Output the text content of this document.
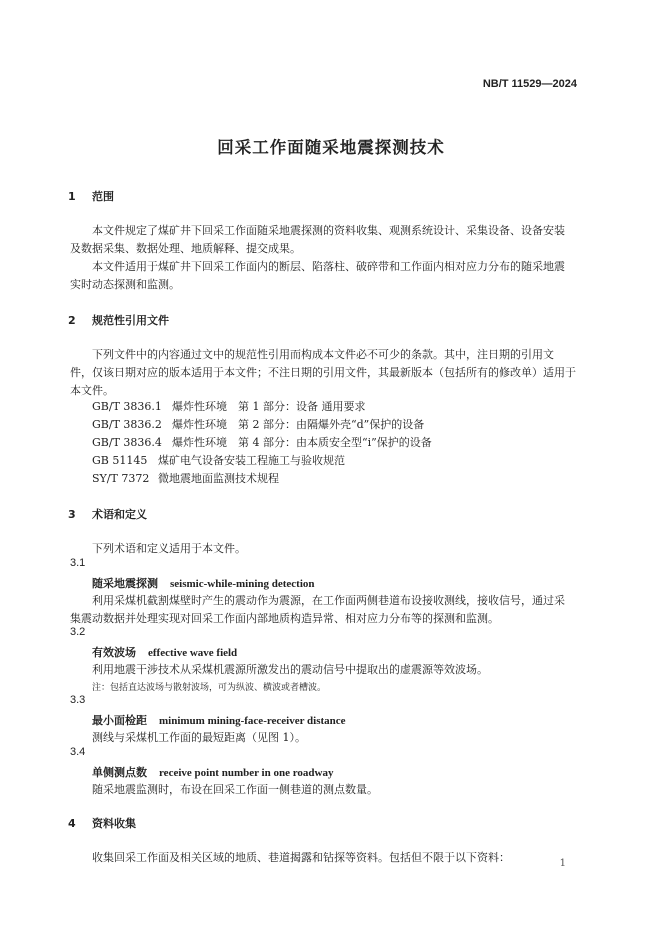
NB/T 11529—2024
回采工作面随采地震探测技术
1 范围
本文件规定了煤矿井下回采工作面随采地震探测的资料收集、观测系统设计、采集设备、设备安装
及数据采集、数据处理、地质解释、提交成果。
本文件适用于煤矿井下回采工作面内的断层、陷落柱、破碎带和工作面内相对应力分布的随采地震
实时动态探测和监测。
2 规范性引用文件
下列文件中的内容通过文中的规范性引用而构成本文件必不可少的条款。其中，注日期的引用文
件，仅该日期对应的版本适用于本文件；不注日期的引用文件，其最新版本（包括所有的修改单）适用于
本文件。
GB/T 3836.1 爆炸性环境　第 1 部分：设备 通用要求
GB/T 3836.2 爆炸性环境　第 2 部分：由隔爆外壳“d”保护的设备
GB/T 3836.4 爆炸性环境　第 4 部分：由本质安全型“i”保护的设备
GB 51145 煤矿电气设备安装工程施工与验收规范
SY/T 7372 微地震地面监测技术规程
3 术语和定义
下列术语和定义适用于本文件。
3.1
随采地震探测 seismic-while-mining detection
利用采煤机截割煤壁时产生的震动作为震源，在工作面两侧巷道布设接收测线，接收信号，通过采
集震动数据并处理实现对回采工作面内部地质构造异常、相对应力分布等的探测和监测。
3.2
有效波场 effective wave field
利用地震干涉技术从采煤机震源所激发出的震动信号中提取出的虚震源等效波场。
注：包括直达波场与散射波场，可为纵波、横波或者槽波。
3.3
最小面检距 minimum mining-face-receiver distance
测线与采煤机工作面的最短距离（见图 1）。
3.4
单侧测点数 receive point number in one roadway
随采地震监测时，布设在回采工作面一侧巷道的测点数量。
4 资料收集
收集回采工作面及相关区域的地质、巷道揭露和钻探等资料。包括但不限于以下资料：	1
